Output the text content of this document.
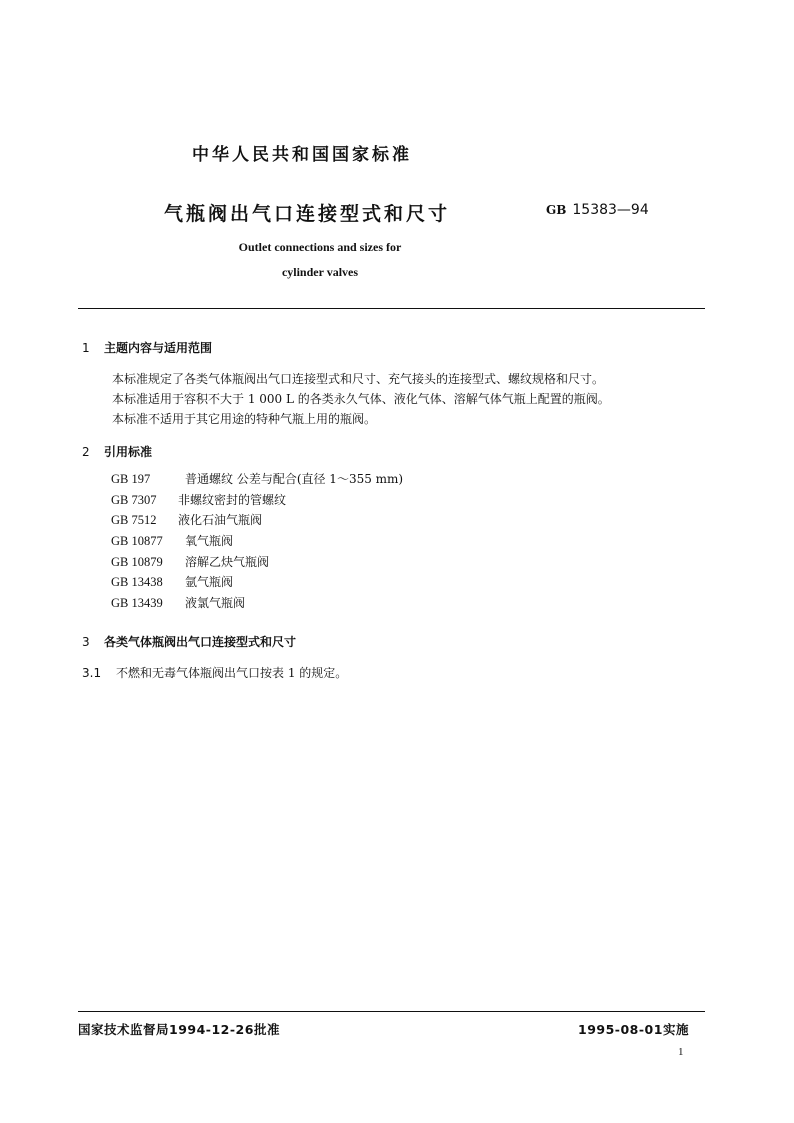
中华人民共和国国家标准
气瓶阀出气口连接型式和尺寸	GB 15383—94
Outlet connections and sizes for cylinder valves
1 主题内容与适用范围
本标准规定了各类气体瓶阀出气口连接型式和尺寸、充气接头的连接型式、螺纹规格和尺寸。
本标准适用于容积不大于 1 000 L 的各类永久气体、液化气体、溶解气体气瓶上配置的瓶阀。
本标准不适用于其它用途的特种气瓶上用的瓶阀。
2 引用标准
GB 197	普通螺纹 公差与配合(直径 1～355 mm)
GB 7307 非螺纹密封的管螺纹
GB 7512 液化石油气瓶阀
GB 10877 氧气瓶阀
GB 10879 溶解乙炔气瓶阀
GB 13438 氩气瓶阀
GB 13439 液氯气瓶阀
3 各类气体瓶阀出气口连接型式和尺寸
3.1 不燃和无毒气体瓶阀出气口按表 1 的规定。
国家技术监督局1994-12-26批准	1995-08-01实施
1
